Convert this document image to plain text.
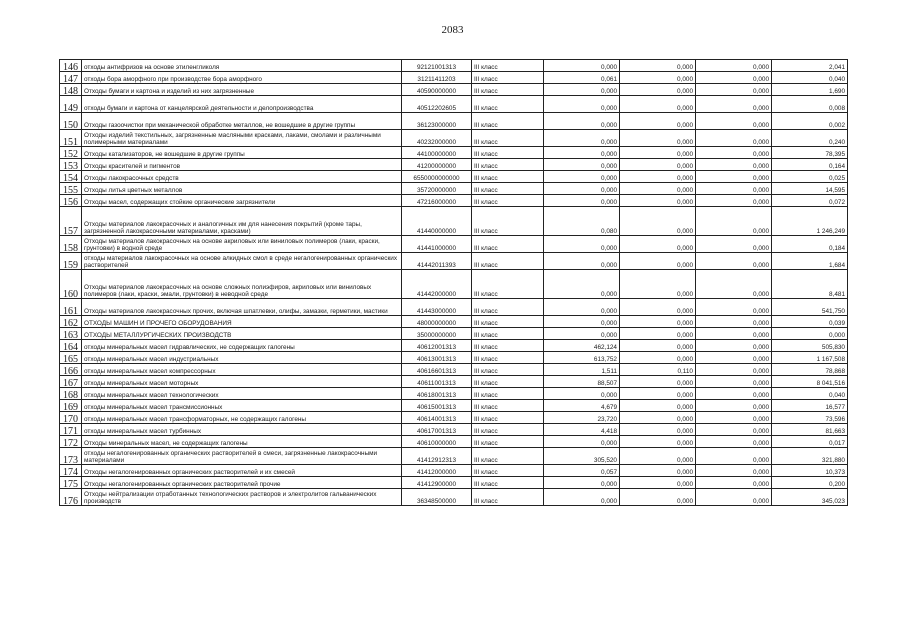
2083
146	отходы антифризов на основе этиленгликоля	92121001313	III класс	0,000	0,000	0,000	2,041
147	отходы бора аморфного при производстве бора аморфного	31211411203	III класс	0,061	0,000	0,000	0,040
148	Отходы бумаги и картона и изделий из них загрязненные	40590000000	III класс	0,000	0,000	0,000	1,690
149	отходы бумаги и картона от канцелярской деятельности и делопроизводства	40512202605	III класс	0,000	0,000	0,000	0,008
150	Отходы газоочистки при механической обработке металлов, не вошедшие в другие группы	36123000000	III класс	0,000	0,000	0,000	0,002
151	Отходы изделий текстильных, загрязненные масляными красками, лаками, смолами и различными полимерными материалами	40232000000	III класс	0,000	0,000	0,000	0,240
152	Отходы катализаторов, не вошедшие в другие группы	44100000000	III класс	0,000	0,000	0,000	78,395
153	Отходы красителей и пигментов	41200000000	III класс	0,000	0,000	0,000	0,164
154	Отходы лакокрасочных средств	6550000000000	III класс	0,000	0,000	0,000	0,025
155	Отходы литья цветных металлов	35720000000	III класс	0,000	0,000	0,000	14,595
156	Отходы масел, содержащих стойкие органические загрязнители	47216000000	III класс	0,000	0,000	0,000	0,072
157	Отходы материалов лакокрасочных и аналогичных им для нанесения покрытий (кроме тары, загрязненной лакокрасочными материалами, красками)	41440000000	III класс	0,080	0,000	0,000	1 246,249
158	Отходы материалов лакокрасочных на основе акриловых или виниловых полимеров (лаки, краски, грунтовки) в водной среде	41441000000	III класс	0,000	0,000	0,000	0,184
159	отходы материалов лакокрасочных на основе алкидных смол в среде негалогенированных органических растворителей	41442011393	III класс	0,000	0,000	0,000	1,684
160	Отходы материалов лакокрасочных на основе сложных полиэфиров, акриловых или виниловых полимеров (лаки, краски, эмали, грунтовки) в неводной среде	41442000000	III класс	0,000	0,000	0,000	8,481
161	Отходы материалов лакокрасочных прочих, включая шпатлевки, олифы, замазки, герметики, мастики	41443000000	III класс	0,000	0,000	0,000	541,750
162	ОТХОДЫ МАШИН И ПРОЧЕГО ОБОРУДОВАНИЯ	48000000000	III класс	0,000	0,000	0,000	0,039
163	ОТХОДЫ МЕТАЛЛУРГИЧЕСКИХ ПРОИЗВОДСТВ	35000000000	III класс	0,000	0,000	0,000	0,000
164	отходы минеральных масел гидравлических, не содержащих галогены	40612001313	III класс	462,124	0,000	0,000	505,830
165	отходы минеральных масел индустриальных	40613001313	III класс	613,752	0,000	0,000	1 167,508
166	отходы минеральных масел компрессорных	40616601313	III класс	1,511	0,110	0,000	78,868
167	отходы минеральных масел моторных	40611001313	III класс	88,507	0,000	0,000	8 041,516
168	отходы минеральных масел технологических	40618001313	III класс	0,000	0,000	0,000	0,040
169	отходы минеральных масел трансмиссионных	40615001313	III класс	4,679	0,000	0,000	16,577
170	отходы минеральных масел трансформаторных, не содержащих галогены	40614001313	III класс	23,720	0,000	0,000	73,596
171	отходы минеральных масел турбинных	40617001313	III класс	4,418	0,000	0,000	81,663
172	Отходы минеральных масел, не содержащих галогены	40610000000	III класс	0,000	0,000	0,000	0,017
173	отходы негалогенированных органических растворителей в смеси, загрязненные лакокрасочными материалами	41412912313	III класс	305,520	0,000	0,000	321,880
174	Отходы негалогенированных органических растворителей и их смесей	41412000000	III класс	0,057	0,000	0,000	10,373
175	Отходы негалогенированных органических растворителей прочие	41412900000	III класс	0,000	0,000	0,000	0,200
176	Отходы нейтрализации отработанных технологических растворов и электролитов гальванических производств	36348500000	III класс	0,000	0,000	0,000	345,023
